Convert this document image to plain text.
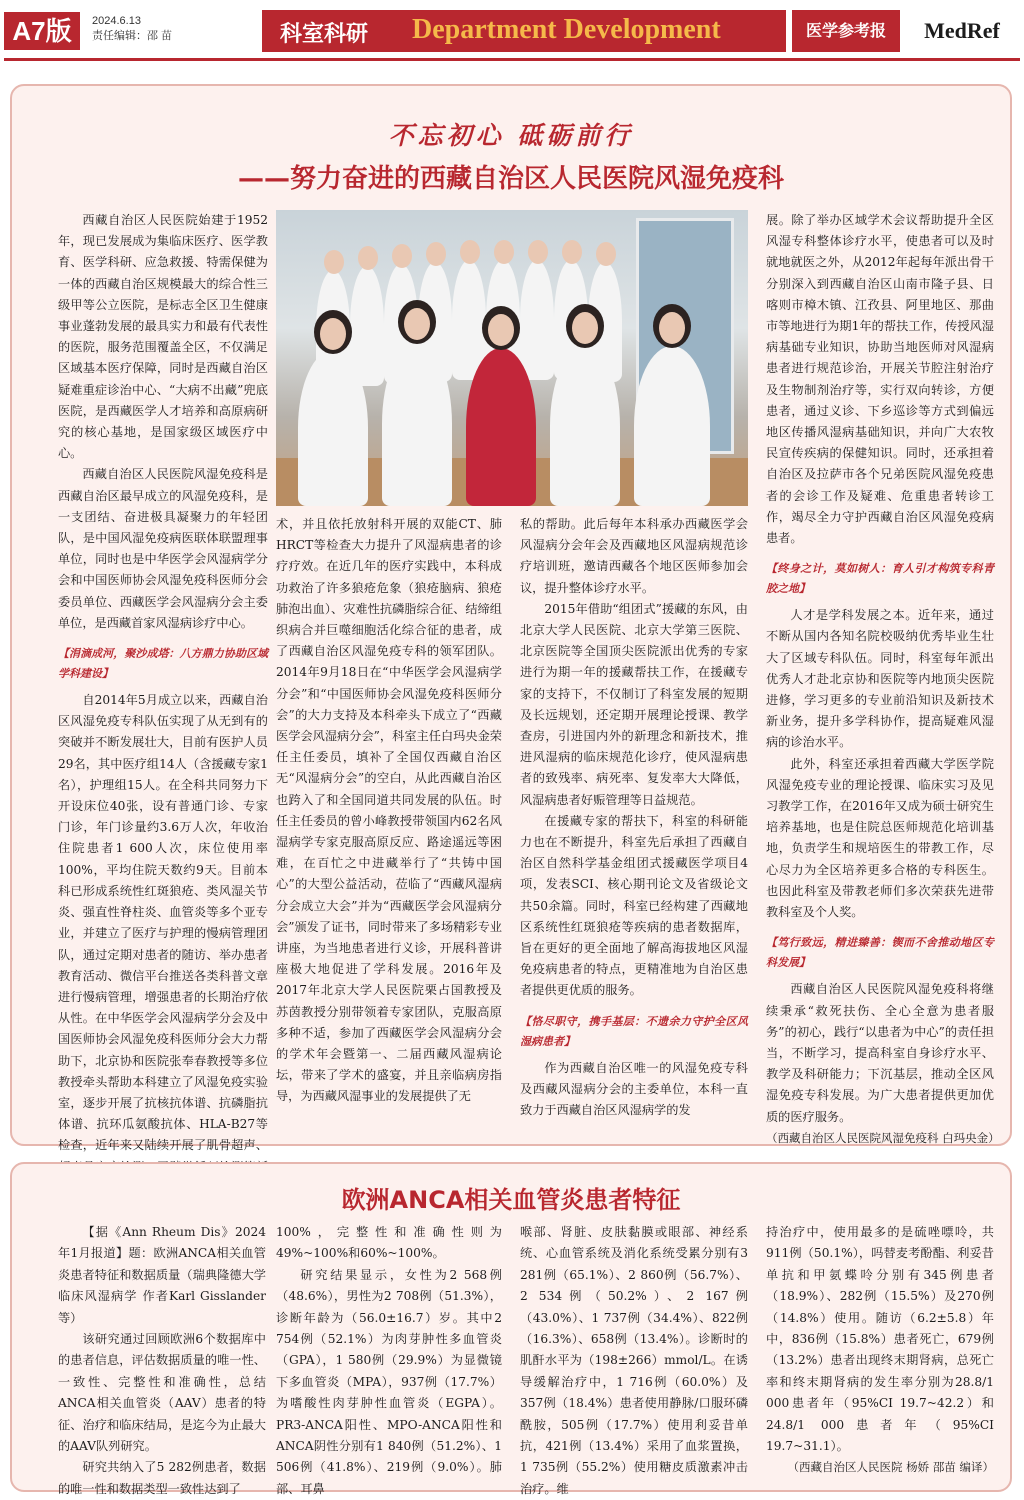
A7版	2024.6.13
责任编辑：邵 苗	科室科研 Department Development	医学参考报	MedRef
不忘初心 砥砺前行
——努力奋进的西藏自治区人民医院风湿免疫科

西藏自治区人民医院始建于1952年，现已发展成为集临床医疗、医学教育、医学科研、应急救援、特需保健为一体的西藏自治区规模最大的综合性三级甲等公立医院，是标志全区卫生健康事业蓬勃发展的最具实力和最有代表性的医院，服务范围覆盖全区，不仅满足区域基本医疗保障，同时是西藏自治区疑难重症诊治中心、“大病不出藏”兜底医院，是西藏医学人才培养和高原病研究的核心基地，是国家级区域医疗中心。

西藏自治区人民医院风湿免疫科是西藏自治区最早成立的风湿免疫科，是一支团结、奋进极具凝聚力的年轻团队，是中国风湿免疫病医联体联盟理事单位，同时也是中华医学会风湿病学分会和中国医师协会风湿免疫科医师分会委员单位、西藏医学会风湿病分会主委单位，是西藏首家风湿病诊疗中心。

【涓滴成河，聚沙成塔：八方鼎力协助区域学科建设】

自2014年5月成立以来，西藏自治区风湿免疫专科队伍实现了从无到有的突破并不断发展壮大，目前有医护人员29名，其中医疗组14人（含援藏专家1名），护理组15人。在全科共同努力下开设床位40张，设有普通门诊、专家门诊，年门诊量约3.6万人次，年收治住院患者1 600人次，床位使用率100%，平均住院天数约9天。目前本科已形成系统性红斑狼疮、类风湿关节炎、强直性脊柱炎、血管炎等多个亚专业，并建立了医疗与护理的慢病管理团队，通过定期对患者的随访、举办患者教育活动、微信平台推送各类科普文章进行慢病管理，增强患者的长期治疗依从性。在中华医学会风湿病学分会及中国医师协会风湿免疫科医师分会大力帮助下，北京协和医院张奉春教授等多位教授牵头帮助本科建立了风湿免疫实验室，逐步开展了抗核抗体谱、抗磷脂抗体谱、抗环瓜氨酸抗体、HLA-B27等检查，近年来又陆续开展了肌骨超声、

术，并且依托放射科开展的双能CT、肺HRCT等检查大力提升了风湿病患者的诊疗疗效。在近几年的医疗实践中，本科成功救治了许多狼疮危象（狼疮脑病、狼疮肺泡出血）、灾难性抗磷脂综合征、结缔组织病合并巨噬细胞活化综合征的患者，成了西藏自治区风湿免疫专科的领军团队。2014年9月18日在“中华医学会风湿病学分会”和“中国医师协会风湿免疫科医师分会”的大力支持及本科牵头下成立了“西藏医学会风湿病分会”，科室主任白玛央金荣任主任委员，填补了全国仅西藏自治区无“风湿病分会”的空白，从此西藏自治区也跨入了和全国同道共同发展的队伍。时任主任委员的曾小峰教授带领国内62名风湿病学专家克服高原反应、路途遥远等困难，在百忙之中进藏举行了“共铸中国心”的大型公益活动，莅临了“西藏风湿病分会成立大会”并为“西藏医学会风湿病分会”颁发了证书，同时带来了多场精彩专业讲座，为当地患者进行义诊，开展科普讲座极大地促进了学科发展。2016年及2017年北京大学人民医院栗占国教授及苏茵教授分别带领着专家团队，克服高原多种不适，参加了西藏医学会风湿病分会的学术年会暨第一、二届西藏风湿病论坛，带来了学术的盛宴，并且亲临病房指导，为西藏风湿事业的发展提供了无

私的帮助。此后每年本科承办西藏医学会风湿病分会年会及西藏地区风湿病规范诊疗培训班，邀请西藏各个地区医师参加会议，提升整体诊疗水平。

2015年借助“组团式”援藏的东风，由北京大学人民医院、北京大学第三医院、北京医院等全国顶尖医院派出优秀的专家进行为期一年的援藏帮扶工作，在援藏专家的支持下，不仅制订了科室发展的短期及长远规划，还定期开展理论授课、教学查房，引进国内外的新理念和新技术，推进风湿病的临床规范化诊疗，使风湿病患者的致残率、病死率、复发率大大降低，风湿病患者好赈管理等日益规范。

在援藏专家的帮扶下，科室的科研能力也在不断提升，科室先后承担了西藏自治区自然科学基金组团式援藏医学项目4项，发表SCI、核心期刊论文及省级论文共50余篇。同时，科室已经构建了西藏地区系统性红斑狼疮等疾病的患者数据库，旨在更好的更全面地了解高海拔地区风湿免疫病患者的特点，更精准地为自治区患者提供更优质的服务。

【恪尽职守，携手基层：不遗余力守护全区风湿病患者】

作为西藏自治区唯一的风湿免疫专科及西藏风湿病分会的主委单位，本科一直致力于西藏自治区风湿病学的发

展。除了举办区域学术会议帮助提升全区风湿专科整体诊疗水平，使患者可以及时就地就医之外，从2012年起每年派出骨干分别深入到西藏自治区山南市隆子县、日喀则市樟木镇、江孜县、阿里地区、那曲市等地进行为期1年的帮扶工作，传授风湿病基础专业知识，协助当地医师对风湿病患者进行规范诊治，开展关节腔注射治疗及生物制剂治疗等，实行双向转诊，方便患者，通过义诊、下乡巡诊等方式到偏远地区传播风湿病基础知识，并向广大农牧民宣传疾病的保健知识。同时，还承担着自治区及拉萨市各个兄弟医院风湿免疫患者的会诊工作及疑难、危重患者转诊工作，竭尽全力守护西藏自治区风湿免疫病患者。

【终身之计，莫如树人：育人引才构筑专科青胶之地】

人才是学科发展之本。近年来，通过不断从国内各知名院校吸纳优秀毕业生壮大了区域专科队伍。同时，科室每年派出优秀人才赴北京协和医院等内地顶尖医院进修，学习更多的专业前沿知识及新技术新业务，提升多学科协作，提高疑难风湿病的诊治水平。

此外，科室还承担着西藏大学医学院风湿免疫专业的理论授课、临床实习及见习教学工作，在2016年又成为硕士研究生培养基地，也是住院总医师规范化培训基地，负责学生和规培医生的带教工作，尽心尽力为全区培养更多合格的专科医生。也因此科室及带教老师们多次荣获先进带教科室及个人奖。

【笃行致远，精进臻善：锲而不舍推动地区专科发展】

西藏自治区人民医院风湿免疫科将继续秉承“救死扶伤、全心全意为患者服务”的初心，践行“以患者为中心”的责任担当，不断学习，提高科室自身诊疗水平、教学及科研能力；下沉基层，推动全区风湿免疫专科发展。为广大患者提供更加优质的医疗服务。

（西藏自治区人民医院风湿免疫科 白玛央金）
欧洲ANCA相关血管炎患者特征

【据《Ann Rheum Dis》2024年1月报道】题：欧洲ANCA相关血管炎患者特征和数据质量（瑞典隆德大学临床风湿病学 作者Karl Gisslander 等）

该研究通过回顾欧洲6个数据库中的患者信息，评估数据质量的唯一性、一致性、完整性和准确性，总结ANCA相关血管炎（AAV）患者的特征、治疗和临床结局，是迄今为止最大的AAV队列研究。

研究共纳入了5 282例患者，数据的唯一性和数据类型一致性达到了

100%，完整性和准确性则为49%~100%和60%~100%。

研究结果显示，女性为2 568例（48.6%），男性为2 708例（51.3%），诊断年龄为（56.0±16.7）岁。其中2 754例（52.1%）为肉芽肿性多血管炎（GPA），1 580例（29.9%）为显微镜下多血管炎（MPA），937例（17.7%）为嗜酸性肉芽肿性血管炎（EGPA）。PR3-ANCA阳性、MPO-ANCA阳性和ANCA阴性分别有1 840例（51.2%）、1 506例（41.8%）、219例（9.0%）。肺部、耳鼻

喉部、肾脏、皮肤黏膜或眼部、神经系统、心血管系统及消化系统受累分别有3 281例（65.1%）、2 860例（56.7%）、2 534例（50.2%）、2 167例（43.0%）、1 737例（34.4%）、822例（16.3%）、658例（13.4%）。诊断时的肌酐水平为（198±266）mmol/L。在诱导缓解治疗中，1 716例（60.0%）及357例（18.4%）患者使用静脉/口服环磷酰胺，505例（17.7%）使用利妥昔单抗，421例（13.4%）采用了血浆置换，1 735例（55.2%）使用糖皮质激素冲击治疗。维

持治疗中，使用最多的是硫唑嘌呤，共911例（50.1%），吗替麦考酚酯、利妥昔单抗和甲氨蝶呤分别有345例患者（18.9%）、282例（15.5%）及270例（14.8%）使用。随访（6.2±5.8）年中，836例（15.8%）患者死亡，679例（13.2%）患者出现终末期肾病，总死亡率和终末期肾病的发生率分别为28.8/1 000患者年（95%CI 19.7~42.2）和24.8/1 000患者年（95%CI 19.7~31.1）。

（西藏自治区人民医院 杨娇 邵苗 编译）
